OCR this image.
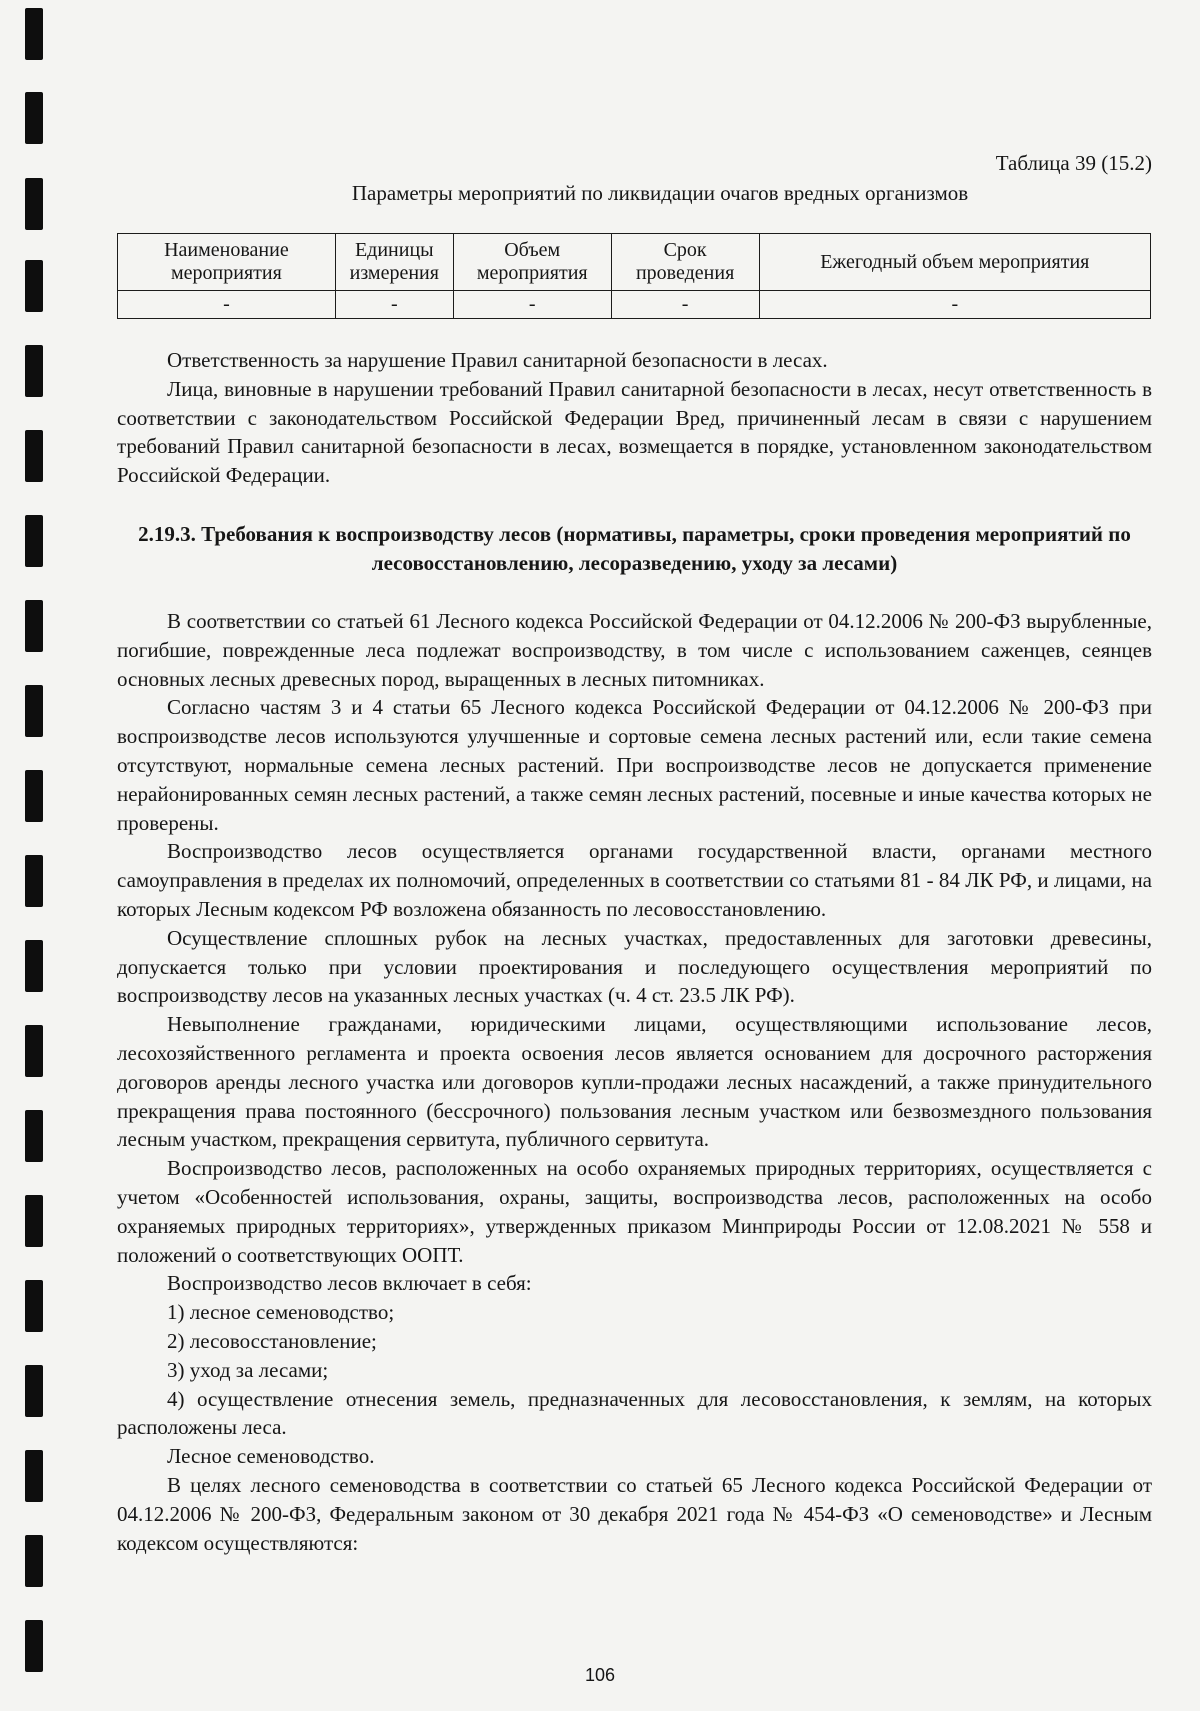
Таблица 39 (15.2)
Параметры мероприятий по ликвидации очагов вредных организмов
Наименование мероприятия	Единицы измерения	Объем мероприятия	Срок проведения	Ежегодный объем мероприятия
-	-	-	-	-

Ответственность за нарушение Правил санитарной безопасности в лесах.

Лица, виновные в нарушении требований Правил санитарной безопасности в лесах, несут ответственность в соответствии с законодательством Российской Федерации Вред, причиненный лесам в связи с нарушением требований Правил санитарной безопасности в лесах, возмещается в порядке, установленном законодательством Российской Федерации.

2.19.3. Требования к воспроизводству лесов (нормативы, параметры, сроки проведения мероприятий по лесовосстановлению, лесоразведению, уходу за лесами)

В соответствии со статьей 61 Лесного кодекса Российской Федерации от 04.12.2006 № 200-ФЗ вырубленные, погибшие, поврежденные леса подлежат воспроизводству, в том числе с использованием саженцев, сеянцев основных лесных древесных пород, выращенных в лесных питомниках.

Согласно частям 3 и 4 статьи 65 Лесного кодекса Российской Федерации от 04.12.2006 № 200-ФЗ при воспроизводстве лесов используются улучшенные и сортовые семена лесных растений или, если такие семена отсутствуют, нормальные семена лесных растений. При воспроизводстве лесов не допускается применение нерайонированных семян лесных растений, а также семян лесных растений, посевные и иные качества которых не проверены.

Воспроизводство лесов осуществляется органами государственной власти, органами местного самоуправления в пределах их полномочий, определенных в соответствии со статьями 81 - 84 ЛК РФ, и лицами, на которых Лесным кодексом РФ возложена обязанность по лесовосстановлению.

Осуществление сплошных рубок на лесных участках, предоставленных для заготовки древесины, допускается только при условии проектирования и последующего осуществления мероприятий по воспроизводству лесов на указанных лесных участках (ч. 4 ст. 23.5 ЛК РФ).

Невыполнение гражданами, юридическими лицами, осуществляющими использование лесов, лесохозяйственного регламента и проекта освоения лесов является основанием для досрочного расторжения договоров аренды лесного участка или договоров купли-продажи лесных насаждений, а также принудительного прекращения права постоянного (бессрочного) пользования лесным участком или безвозмездного пользования лесным участком, прекращения сервитута, публичного сервитута.

Воспроизводство лесов, расположенных на особо охраняемых природных территориях, осуществляется с учетом «Особенностей использования, охраны, защиты, воспроизводства лесов, расположенных на особо охраняемых природных территориях», утвержденных приказом Минприроды России от 12.08.2021 № 558 и положений о соответствующих ООПТ.

Воспроизводство лесов включает в себя:

1) лесное семеноводство;

2) лесовосстановление;

3) уход за лесами;

4) осуществление отнесения земель, предназначенных для лесовосстановления, к землям, на которых расположены леса.

Лесное семеноводство.

В целях лесного семеноводства в соответствии со статьей 65 Лесного кодекса Российской Федерации от 04.12.2006 № 200-ФЗ, Федеральным законом от 30 декабря 2021 года № 454-ФЗ «О семеноводстве» и Лесным кодексом осуществляются:

106
